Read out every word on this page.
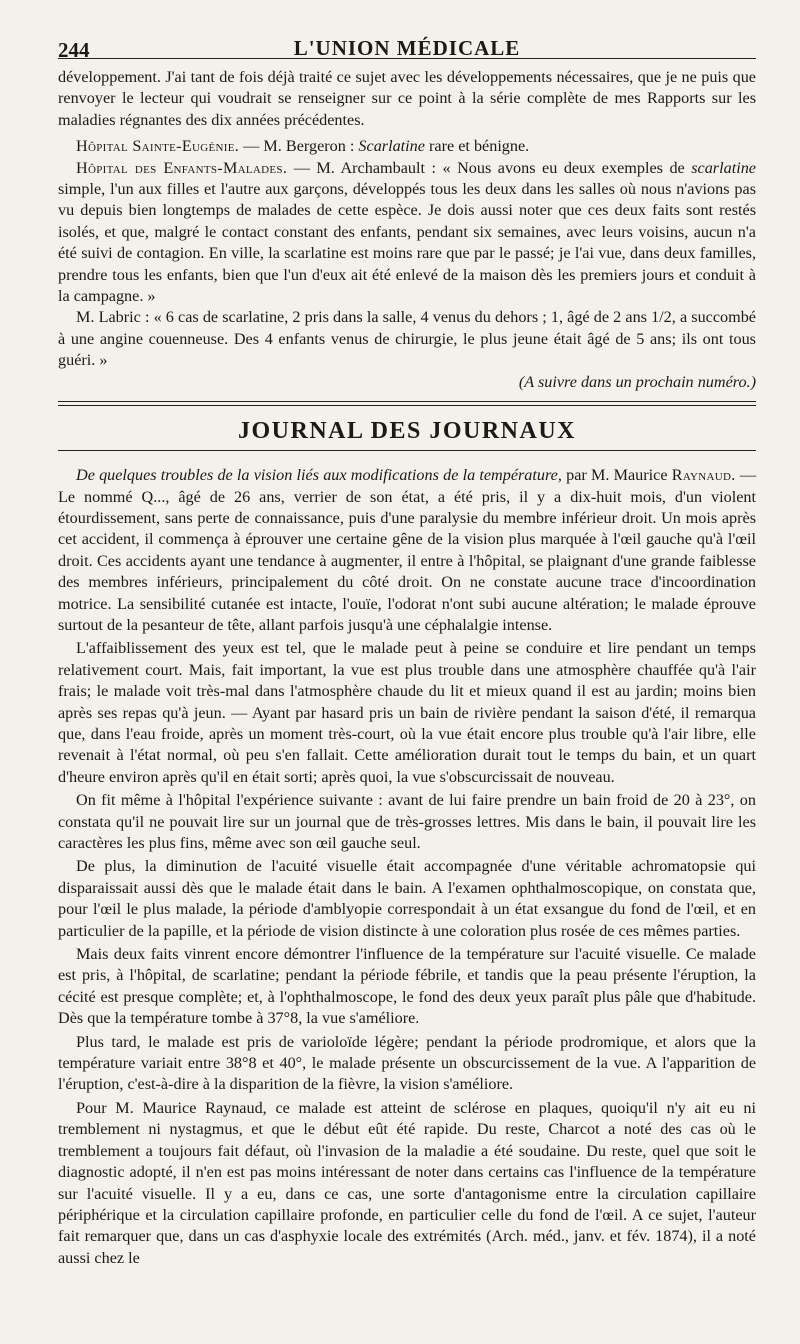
244	L'UNION MÉDICALE

développement. J'ai tant de fois déjà traité ce sujet avec les développements nécessaires, que je ne puis que renvoyer le lecteur qui voudrait se renseigner sur ce point à la série complète de mes Rapports sur les maladies régnantes des dix années précédentes.

Hôpital Sainte-Eugénie. — M. Bergeron : Scarlatine rare et bénigne.

Hôpital des Enfants-Malades. — M. Archambault : « Nous avons eu deux exemples de scarlatine simple, l'un aux filles et l'autre aux garçons, développés tous les deux dans les salles où nous n'avions pas vu depuis bien longtemps de malades de cette espèce. Je dois aussi noter que ces deux faits sont restés isolés, et que, malgré le contact constant des enfants, pendant six semaines, avec leurs voisins, aucun n'a été suivi de contagion. En ville, la scarlatine est moins rare que par le passé; je l'ai vue, dans deux familles, prendre tous les enfants, bien que l'un d'eux ait été enlevé de la maison dès les premiers jours et conduit à la campagne. »

M. Labric : « 6 cas de scarlatine, 2 pris dans la salle, 4 venus du dehors ; 1, âgé de 2 ans 1/2, a succombé à une angine couenneuse. Des 4 enfants venus de chirurgie, le plus jeune était âgé de 5 ans; ils ont tous guéri. »

(A suivre dans un prochain numéro.)

JOURNAL DES JOURNAUX

De quelques troubles de la vision liés aux modifications de la température, par M. Maurice Raynaud. — Le nommé Q..., âgé de 26 ans, verrier de son état, a été pris, il y a dix-huit mois, d'un violent étourdissement, sans perte de connaissance, puis d'une paralysie du membre inférieur droit. Un mois après cet accident, il commença à éprouver une certaine gêne de la vision plus marquée à l'œil gauche qu'à l'œil droit. Ces accidents ayant une tendance à augmenter, il entre à l'hôpital, se plaignant d'une grande faiblesse des membres inférieurs, principalement du côté droit. On ne constate aucune trace d'incoordination motrice. La sensibilité cutanée est intacte, l'ouïe, l'odorat n'ont subi aucune altération; le malade éprouve surtout de la pesanteur de tête, allant parfois jusqu'à une céphalalgie intense.

L'affaiblissement des yeux est tel, que le malade peut à peine se conduire et lire pendant un temps relativement court. Mais, fait important, la vue est plus trouble dans une atmosphère chauffée qu'à l'air frais; le malade voit très-mal dans l'atmosphère chaude du lit et mieux quand il est au jardin; moins bien après ses repas qu'à jeun. — Ayant par hasard pris un bain de rivière pendant la saison d'été, il remarqua que, dans l'eau froide, après un moment très-court, où la vue était encore plus trouble qu'à l'air libre, elle revenait à l'état normal, où peu s'en fallait. Cette amélioration durait tout le temps du bain, et un quart d'heure environ après qu'il en était sorti; après quoi, la vue s'obscurcissait de nouveau.

On fit même à l'hôpital l'expérience suivante : avant de lui faire prendre un bain froid de 20 à 23°, on constata qu'il ne pouvait lire sur un journal que de très-grosses lettres. Mis dans le bain, il pouvait lire les caractères les plus fins, même avec son œil gauche seul.

De plus, la diminution de l'acuité visuelle était accompagnée d'une véritable achromatopsie qui disparaissait aussi dès que le malade était dans le bain. A l'examen ophthalmoscopique, on constata que, pour l'œil le plus malade, la période d'amblyopie correspondait à un état exsangue du fond de l'œil, et en particulier de la papille, et la période de vision distincte à une coloration plus rosée de ces mêmes parties.

Mais deux faits vinrent encore démontrer l'influence de la température sur l'acuité visuelle. Ce malade est pris, à l'hôpital, de scarlatine; pendant la période fébrile, et tandis que la peau présente l'éruption, la cécité est presque complète; et, à l'ophthalmoscope, le fond des deux yeux paraît plus pâle que d'habitude. Dès que la température tombe à 37°8, la vue s'améliore.

Plus tard, le malade est pris de varioloïde légère; pendant la période prodromique, et alors que la température variait entre 38°8 et 40°, le malade présente un obscurcissement de la vue. A l'apparition de l'éruption, c'est-à-dire à la disparition de la fièvre, la vision s'améliore.

Pour M. Maurice Raynaud, ce malade est atteint de sclérose en plaques, quoiqu'il n'y ait eu ni tremblement ni nystagmus, et que le début eût été rapide. Du reste, Charcot a noté des cas où le tremblement a toujours fait défaut, où l'invasion de la maladie a été soudaine. Du reste, quel que soit le diagnostic adopté, il n'en est pas moins intéressant de noter dans certains cas l'influence de la température sur l'acuité visuelle. Il y a eu, dans ce cas, une sorte d'antagonisme entre la circulation capillaire périphérique et la circulation capillaire profonde, en particulier celle du fond de l'œil. A ce sujet, l'auteur fait remarquer que, dans un cas d'asphyxie locale des extrémités (Arch. méd., janv. et fév. 1874), il a noté aussi chez le
